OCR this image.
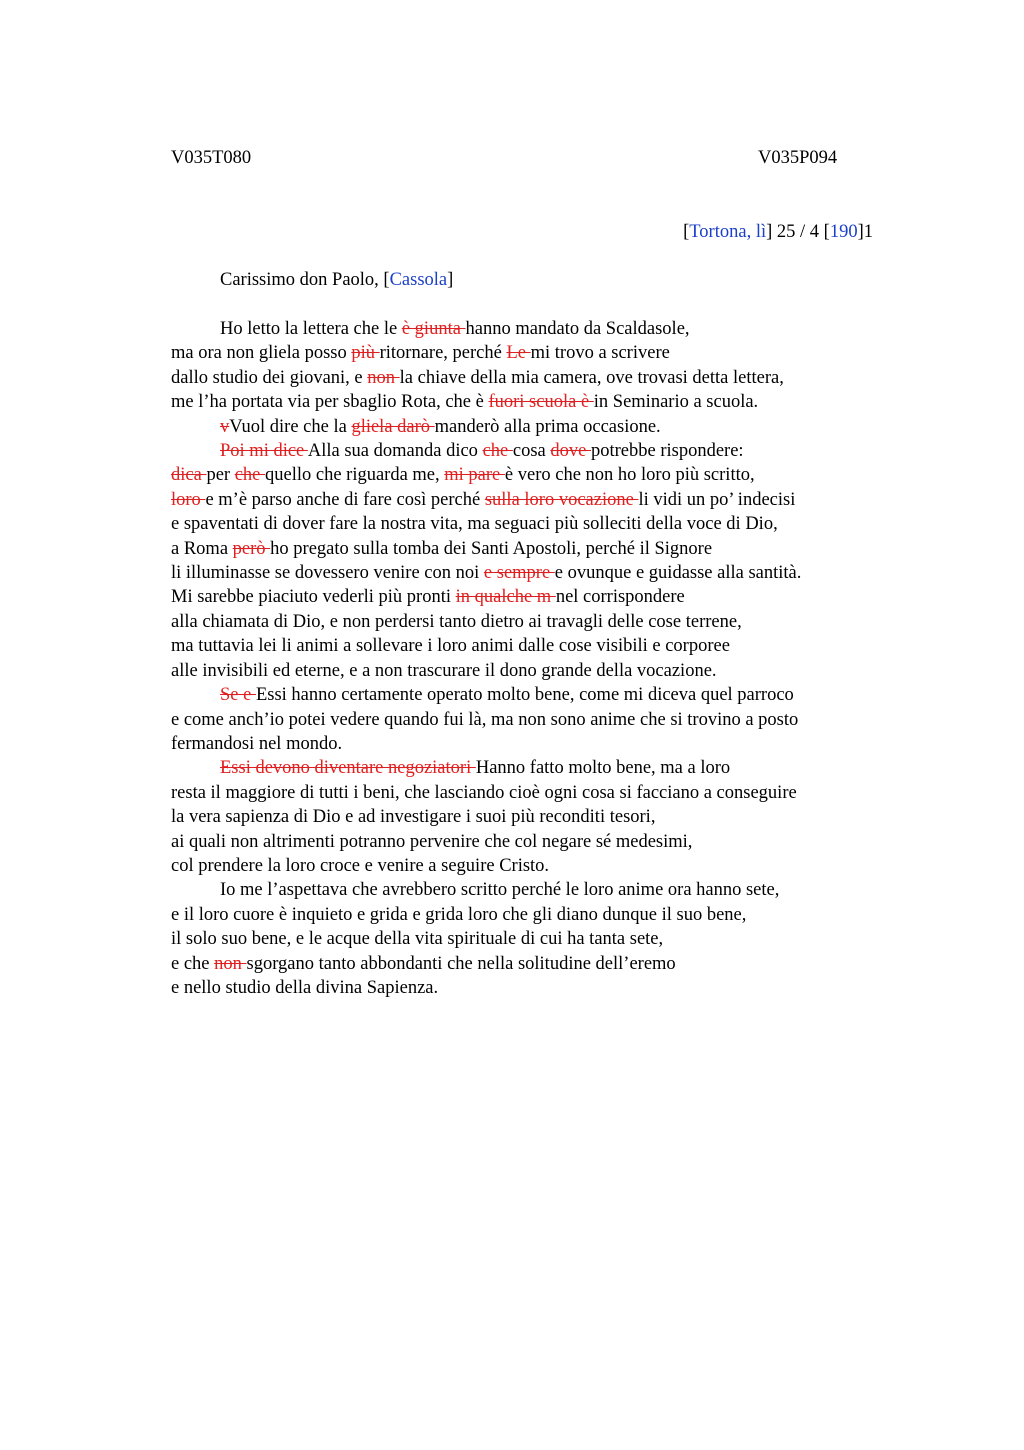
V035T080	V035P094
[Tortona, lì] 25 / 4 [190]1
Carissimo don Paolo, [Cassola]
Ho letto la lettera che le è giunta hanno mandato da Scaldasole,
ma ora non gliela posso più ritornare, perché Le mi trovo a scrivere
dallo studio dei giovani, e non la chiave della mia camera, ove trovasi detta lettera,
me l’ha portata via per sbaglio Rota, che è fuori scuola è in Seminario a scuola.
vVuol dire che la gliela darò manderò alla prima occasione.
Poi mi dice Alla sua domanda dico che cosa dove potrebbe rispondere:
dica per che quello che riguarda me, mi pare è vero che non ho loro più scritto,
loro e m’è parso anche di fare così perché sulla loro vocazione li vidi un po’ indecisi
e spaventati di dover fare la nostra vita, ma seguaci più solleciti della voce di Dio,
a Roma però ho pregato sulla tomba dei Santi Apostoli, perché il Signore
li illuminasse se dovessero venire con noi e sempre e ovunque e guidasse alla santità.
Mi sarebbe piaciuto vederli più pronti in qualche m nel corrispondere
alla chiamata di Dio, e non perdersi tanto dietro ai travagli delle cose terrene,
ma tuttavia lei li animi a sollevare i loro animi dalle cose visibili e corporee
alle invisibili ed eterne, e a non trascurare il dono grande della vocazione.
Se e Essi hanno certamente operato molto bene, come mi diceva quel parroco
e come anch’io potei vedere quando fui là, ma non sono anime che si trovino a posto
fermandosi nel mondo.
Essi devono diventare negoziatori Hanno fatto molto bene, ma a loro
resta il maggiore di tutti i beni, che lasciando cioè ogni cosa si facciano a conseguire
la vera sapienza di Dio e ad investigare i suoi più reconditi tesori,
ai quali non altrimenti potranno pervenire che col negare sé medesimi,
col prendere la loro croce e venire a seguire Cristo.
Io me l’aspettava che avrebbero scritto perché le loro anime ora hanno sete,
e il loro cuore è inquieto e grida e grida loro che gli diano dunque il suo bene,
il solo suo bene, e le acque della vita spirituale di cui ha tanta sete,
e che non sgorgano tanto abbondanti che nella solitudine dell’eremo
e nello studio della divina Sapienza.
